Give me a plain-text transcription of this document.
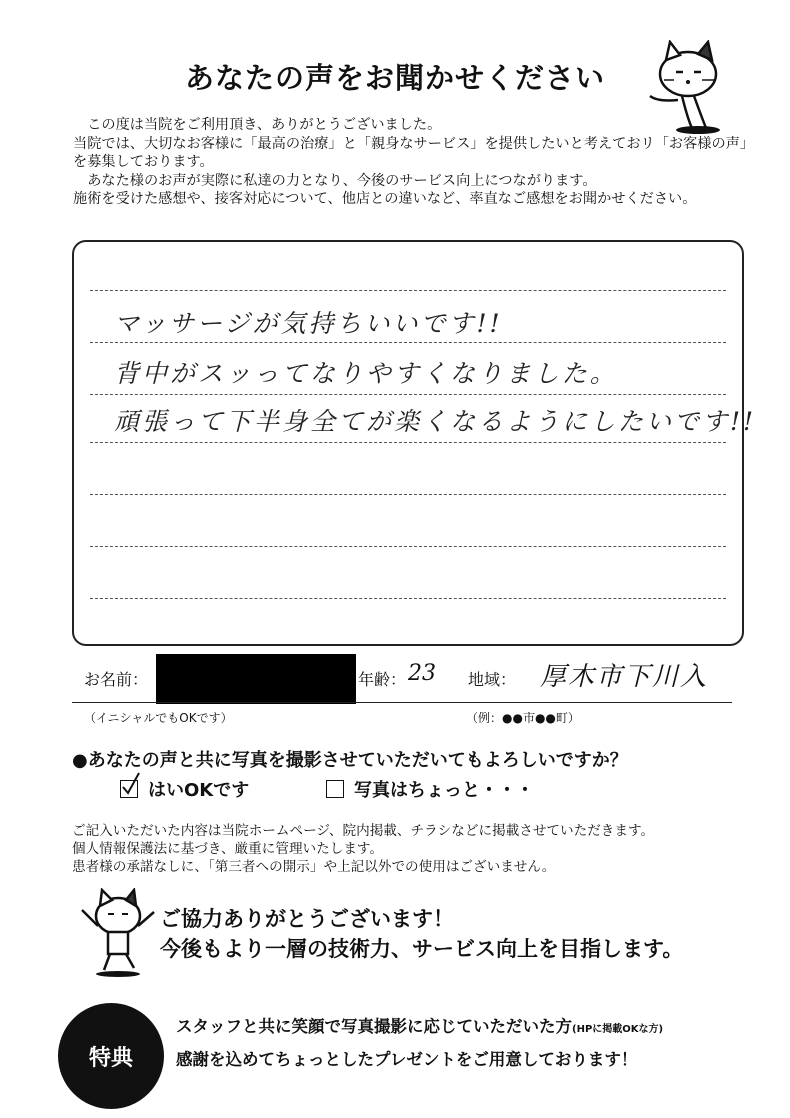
あなたの声をお聞かせください

　この度は当院をご利用頂き、ありがとうございました。

当院では、大切なお客様に「最高の治療」と「親身なサービス」を提供したいと考えておリ「お客様の声」を募集しております。

　あなた様のお声が実際に私達の力となり、今後のサービス向上につながります。

施術を受けた感想や、接客対応について、他店との違いなど、率直なご感想をお聞かせください。

マッサージが気持ちいいです!!
背中がスッってなりやすくなりました。
頑張って下半身全てが楽くなるようにしたいです!!
お名前：	年齢： 23 地域： 厚木市下川入
（イニシャルでもOKです）	（例：●●市●●町）
●あなたの声と共に写真を撮影させていただいてもよろしいですか？
はいOKです	写真はちょっと・・・

ご記入いただいた内容は当院ホームページ、院内掲載、チラシなどに掲載させていただきます。

個人情報保護法に基づき、厳重に管理いたします。

患者様の承諾なしに、「第三者への開示」や上記以外での使用はございません。

ご協力ありがとうございます！

今後もより一層の技術力、サービス向上を目指します。

特典

スタッフと共に笑顔で写真撮影に応じていただいた方(HPに掲載OKな方)

感謝を込めてちょっとしたプレゼントをご用意しております！
